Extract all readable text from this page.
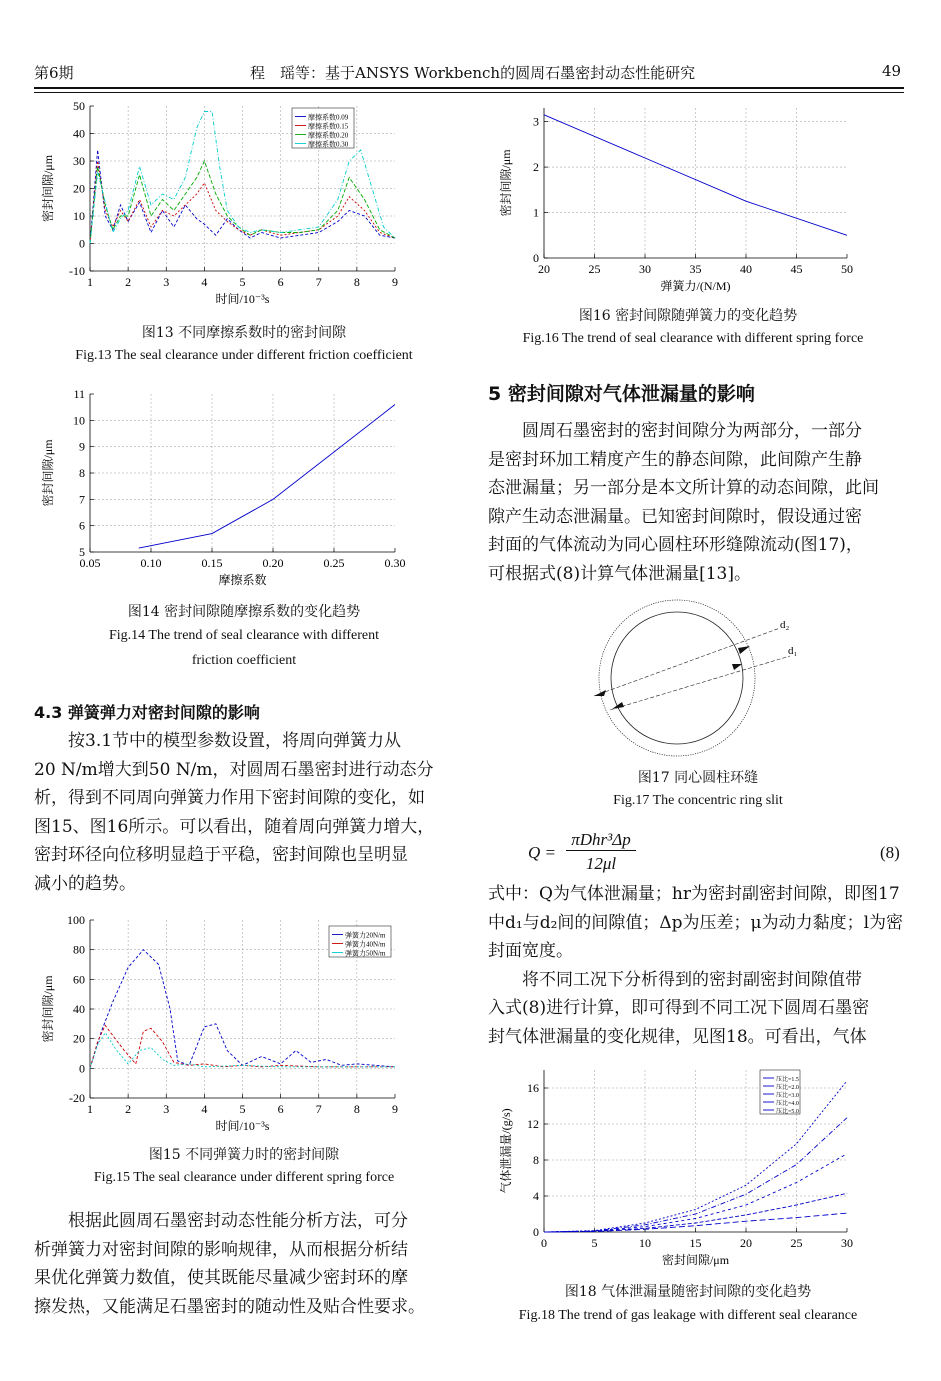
第6期	程　瑶等：基于ANSYS Workbench的圆周石墨密封动态性能研究	49
1	2	3	4	5	6	7	8	9
-10
0
10
20
30
40
50
时间/10⁻³s
密封间隙/μm
摩擦系数0.09
摩擦系数0.15
摩擦系数0.20
摩擦系数0.30
图13 不同摩擦系数时的密封间隙
Fig.13 The seal clearance under different friction coefficient
0.05	0.10	0.15	0.20	0.25	0.30
5
6
7
8
9
10
11
摩擦系数
密封间隙/μm
图14 密封间隙随摩擦系数的变化趋势
Fig.14 The trend of seal clearance with different
friction coefficient
4.3 弹簧弹力对密封间隙的影响
按3.1节中的模型参数设置，将周向弹簧力从
20 N/m增大到50 N/m，对圆周石墨密封进行动态分
析，得到不同周向弹簧力作用下密封间隙的变化，如
图15、图16所示。可以看出，随着周向弹簧力增大，
密封环径向位移明显趋于平稳，密封间隙也呈明显
减小的趋势。
1	2	3	4	5	6	7	8	9
-20
0
20
40
60
80
100
时间/10⁻³s
密封间隙/μm
弹簧力20N/m
弹簧力40N/m
弹簧力50N/m
图15 不同弹簧力时的密封间隙
Fig.15 The seal clearance under different spring force
根据此圆周石墨密封动态性能分析方法，可分
析弹簧力对密封间隙的影响规律，从而根据分析结
果优化弹簧力数值，使其既能尽量减少密封环的摩
擦发热，又能满足石墨密封的随动性及贴合性要求。
20	25	30	35	40	45	50
0
1
2
3
弹簧力/(N/M)
密封间隙/μm
图16 密封间隙随弹簧力的变化趋势
Fig.16 The trend of seal clearance with different spring force
5 密封间隙对气体泄漏量的影响
圆周石墨密封的密封间隙分为两部分，一部分
是密封环加工精度产生的静态间隙，此间隙产生静
态泄漏量；另一部分是本文所计算的动态间隙，此间
隙产生动态泄漏量。已知密封间隙时，假设通过密
封面的气体流动为同心圆柱环形缝隙流动(图17)，
可根据式(8)计算气体泄漏量[13]。
d₂
d₁
图17 同心圆柱环缝
Fig.17 The concentric ring slit
Q =
πDhr³Δp
12μl
(8)
式中：Q为气体泄漏量；hr为密封副密封间隙，即图17
中d₁与d₂间的间隙值；Δp为压差；μ为动力黏度；l为密
封面宽度。
将不同工况下分析得到的密封副密封间隙值带
入式(8)进行计算，即可得到不同工况下圆周石墨密
封气体泄漏量的变化规律，见图18。可看出，气体
0	5	10	15	20	25	30
0
4
8
12
16
密封间隙/μm
气体泄漏量/(g/s)
压比=1.5
压比=2.0
压比=3.0
压比=4.0
压比=5.0
图18 气体泄漏量随密封间隙的变化趋势
Fig.18 The trend of gas leakage with different seal clearance
